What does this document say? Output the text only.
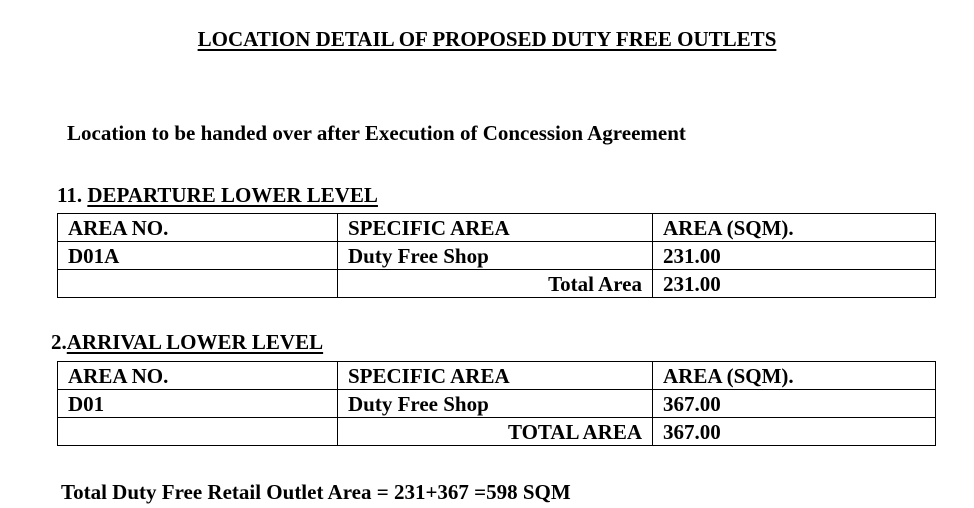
LOCATION DETAIL OF PROPOSED DUTY FREE OUTLETS
Location to be handed over after Execution of Concession Agreement
11. DEPARTURE LOWER LEVEL
AREA NO.	SPECIFIC AREA	AREA (SQM).
D01A	Duty Free Shop	231.00
	Total Area	231.00
2.ARRIVAL LOWER LEVEL
AREA NO.	SPECIFIC AREA	AREA (SQM).
D01	Duty Free Shop	367.00
	TOTAL AREA	367.00
Total Duty Free Retail Outlet Area = 231+367 =598 SQM
